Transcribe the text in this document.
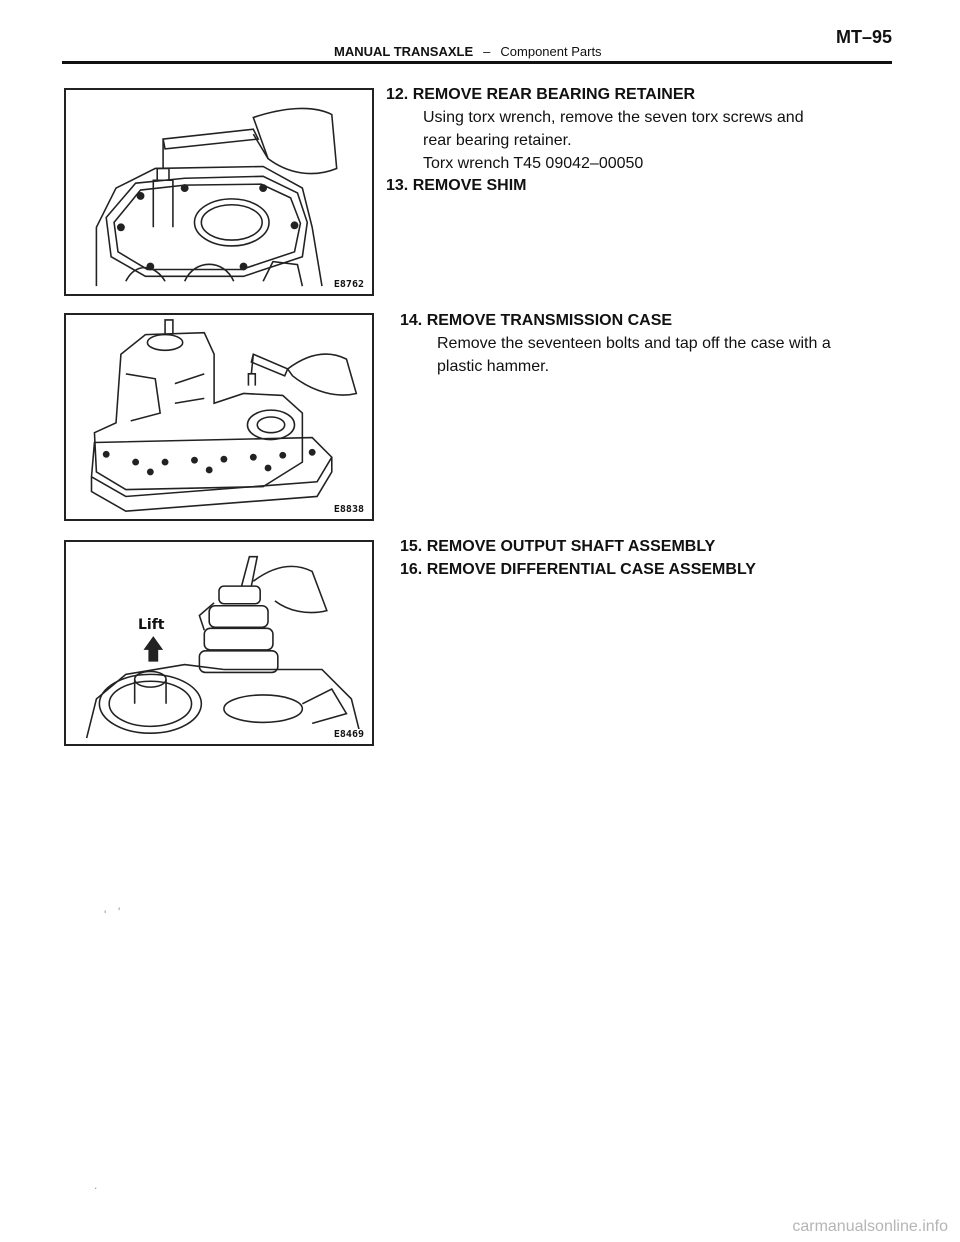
MANUAL TRANSAXLE – Component Parts
MT–95
E8762
E8838
Lift
E8469
12. REMOVE REAR BEARING RETAINER
Using torx wrench, remove the seven torx screws and
rear bearing retainer.
Torx wrench T45 09042–00050
13. REMOVE SHIM
14. REMOVE TRANSMISSION CASE
Remove the seventeen bolts and tap off the case with a
plastic hammer.
15. REMOVE OUTPUT SHAFT ASSEMBLY
16. REMOVE DIFFERENTIAL CASE ASSEMBLY
' '
.
carmanualsonline.info
